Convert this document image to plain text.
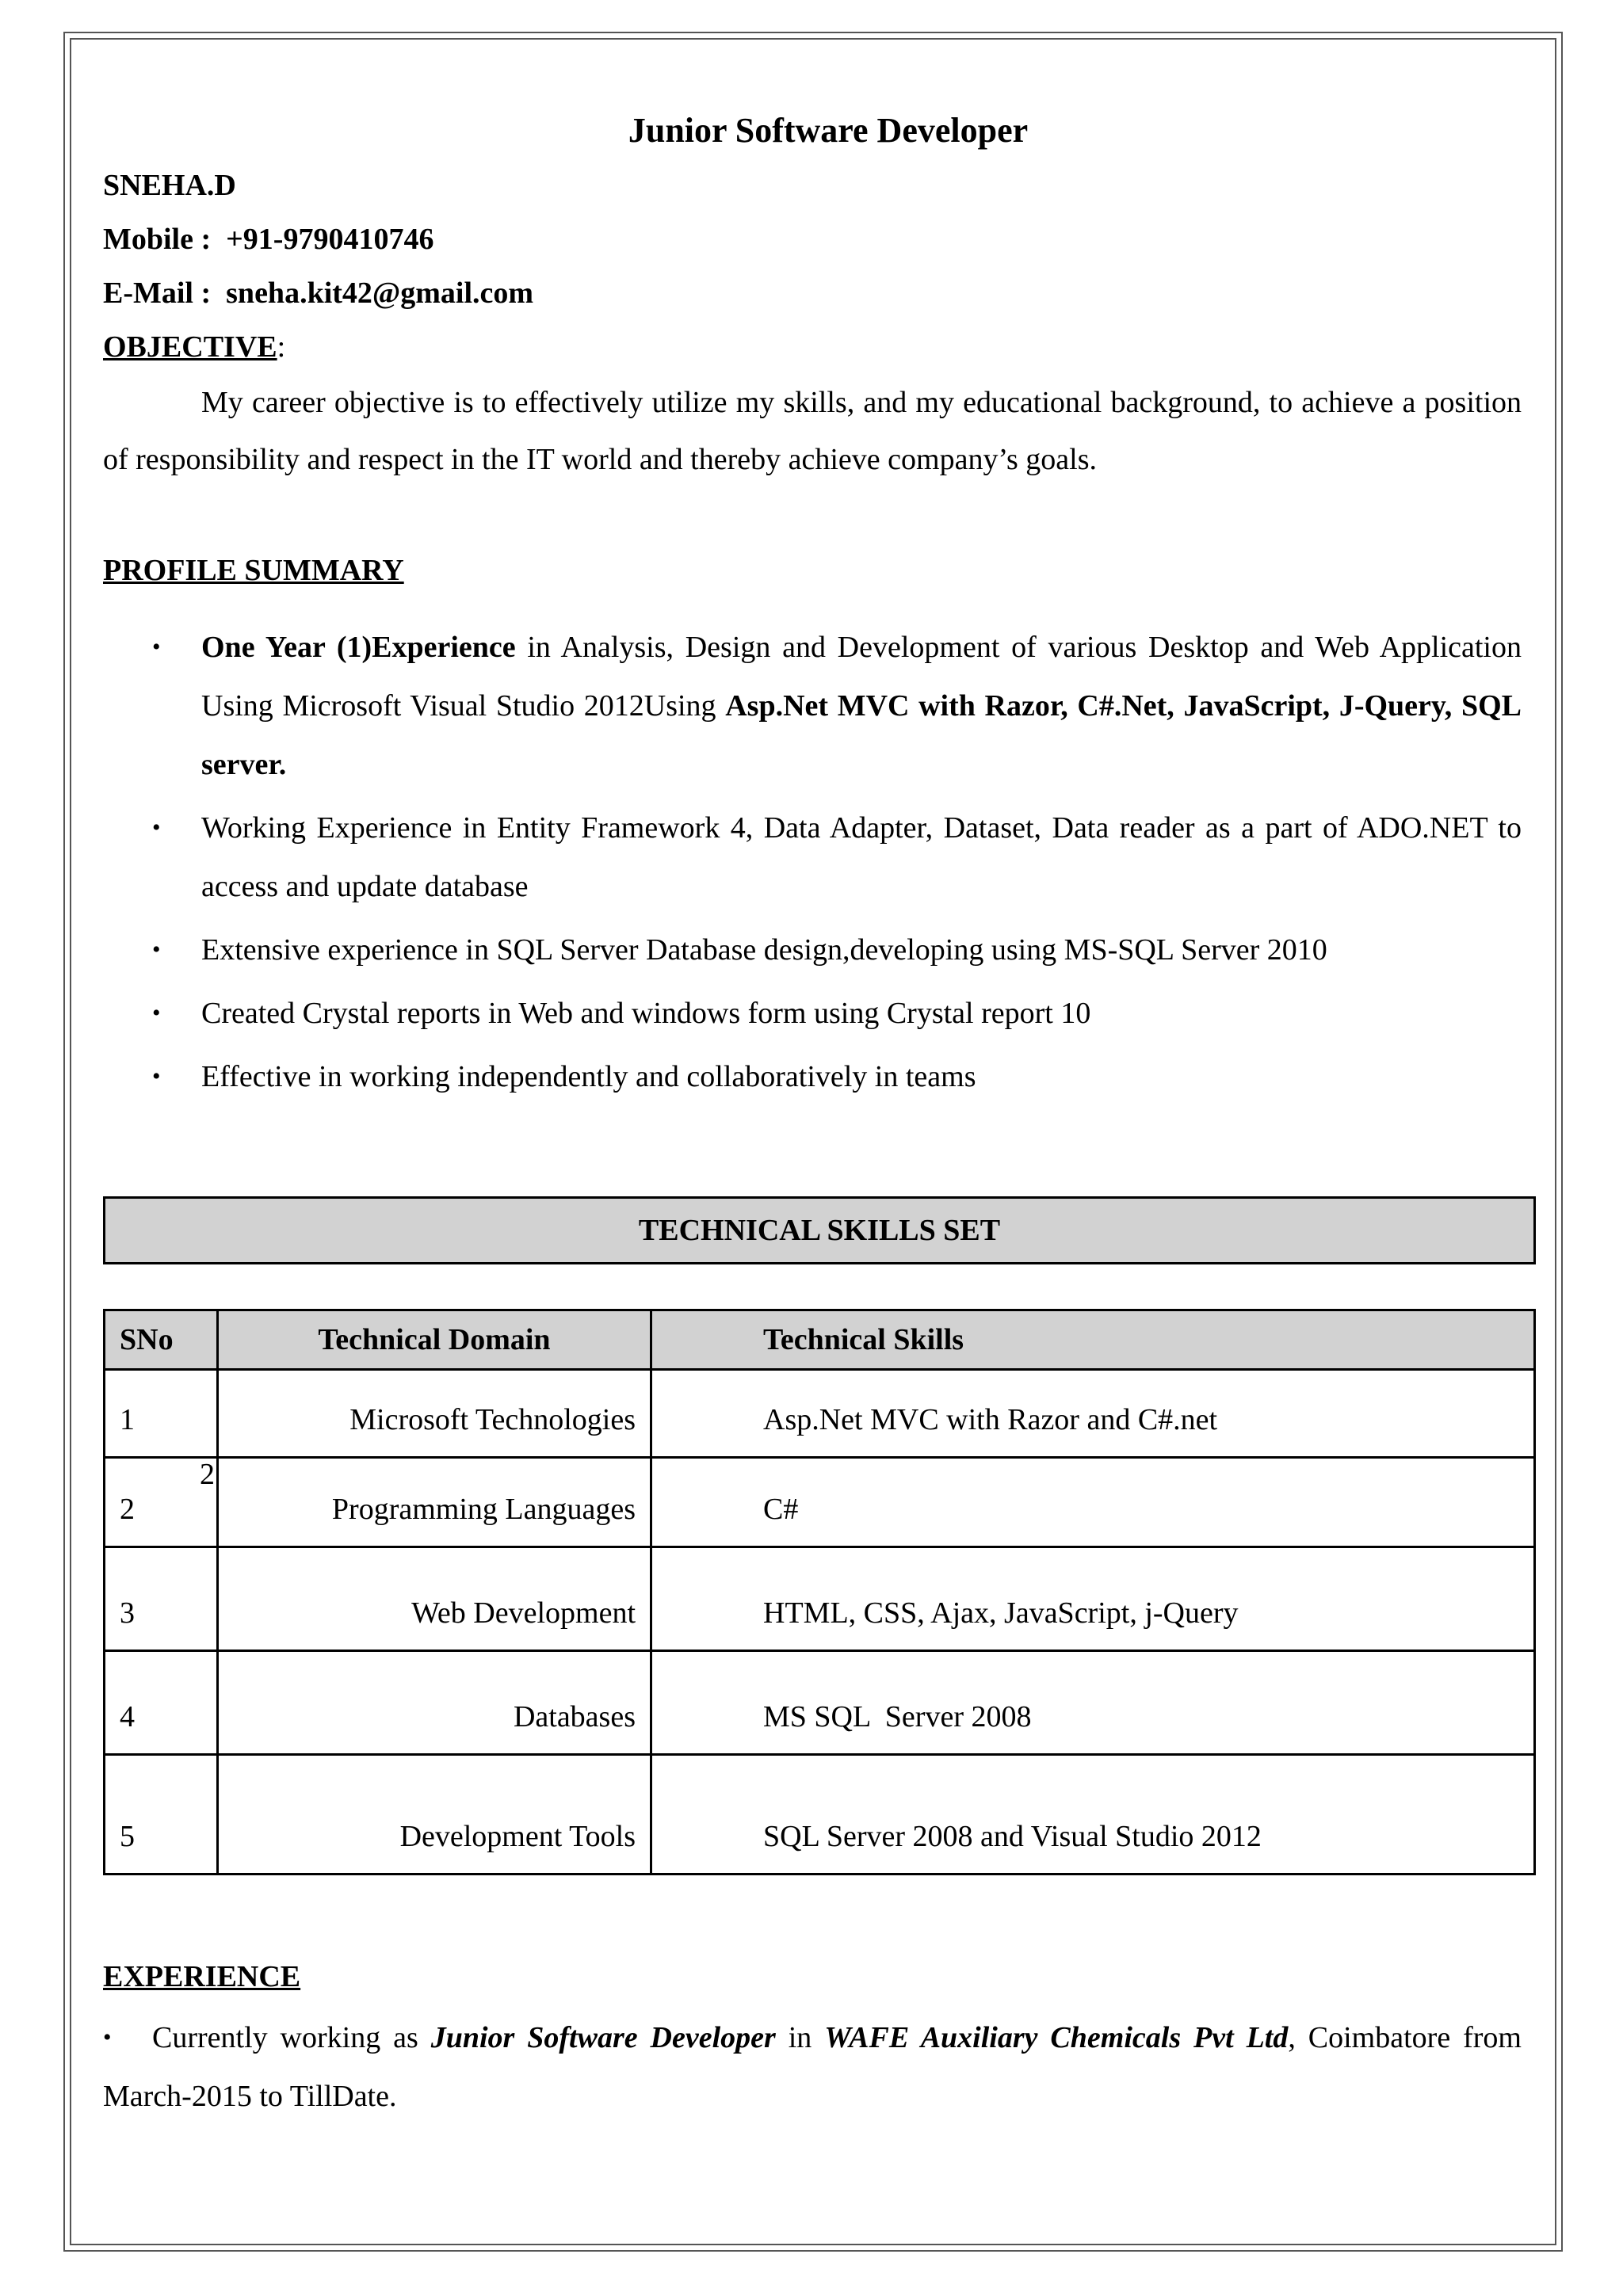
Junior Software Developer

SNEHA.D

Mobile : +91-9790410746

E-Mail : sneha.kit42@gmail.com

OBJECTIVE:

My career objective is to effectively utilize my skills, and my educational background, to achieve a position of responsibility and respect in the IT world and thereby achieve company’s goals.

PROFILE SUMMARY

• One Year (1)Experience in Analysis, Design and Development of various Desktop and Web Application Using Microsoft Visual Studio 2012Using Asp.Net MVC with Razor, C#.Net, JavaScript, J-Query, SQL server.
• Working Experience in Entity Framework 4, Data Adapter, Dataset, Data reader as a part of ADO.NET to access and update database
• Extensive experience in SQL Server Database design,developing using MS-SQL Server 2010
• Created Crystal reports in Web and windows form using Crystal report 10
• Effective in working independently and collaboratively in teams
TECHNICAL SKILLS SET
SNo	Technical Domain	Technical Skills
1	Microsoft Technologies	Asp.Net MVC with Razor and C#.net

2
2	Programming Languages	C#
3	Web Development	HTML, CSS, Ajax, JavaScript, j-Query
4	Databases	MS SQL  Server 2008
5	Development Tools	SQL Server 2008 and Visual Studio 2012

EXPERIENCE

• Currently working as Junior Software Developer in WAFE Auxiliary Chemicals Pvt Ltd, Coimbatore from March-2015 to TillDate.
